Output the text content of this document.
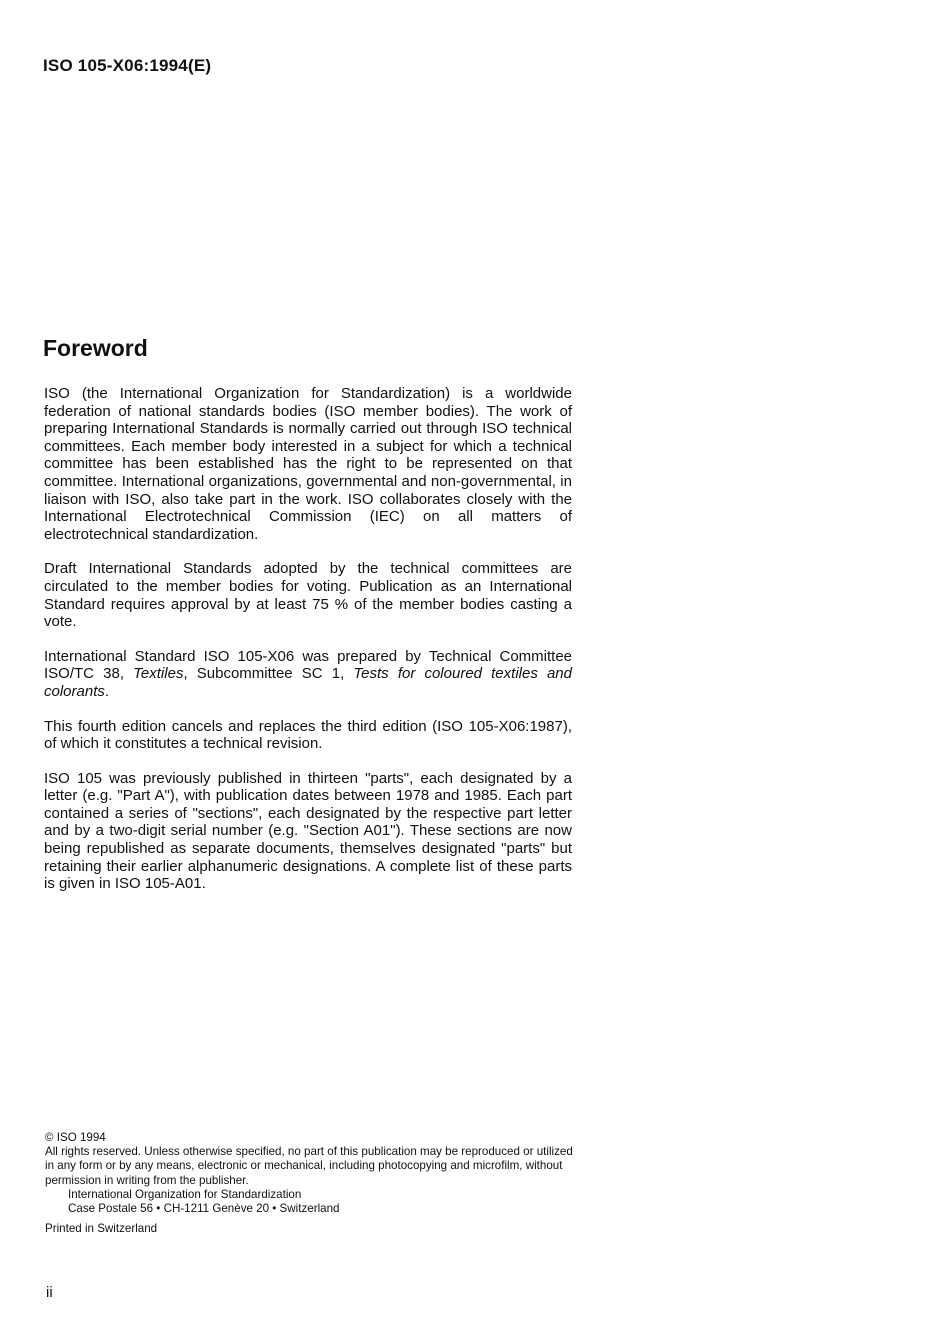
ISO 105-X06:1994(E)
Foreword

ISO (the International Organization for Standardization) is a worldwide federation of national standards bodies (ISO member bodies). The work of preparing International Standards is normally carried out through ISO technical committees. Each member body interested in a subject for which a technical committee has been established has the right to be represented on that committee. International organizations, governmental and non-governmental, in liaison with ISO, also take part in the work. ISO collaborates closely with the International Electrotechnical Commission (IEC) on all matters of electrotechnical standardization.

Draft International Standards adopted by the technical committees are circulated to the member bodies for voting. Publication as an International Standard requires approval by at least 75 % of the member bodies casting a vote.

International Standard ISO 105-X06 was prepared by Technical Committee ISO/TC 38, Textiles, Subcommittee SC 1, Tests for coloured textiles and colorants.

This fourth edition cancels and replaces the third edition (ISO 105-X06:1987), of which it constitutes a technical revision.

ISO 105 was previously published in thirteen "parts", each designated by a letter (e.g. "Part A"), with publication dates between 1978 and 1985. Each part contained a series of "sections", each designated by the respective part letter and by a two-digit serial number (e.g. "Section A01"). These sections are now being republished as separate documents, themselves designated "parts" but retaining their earlier alphanumeric designations. A complete list of these parts is given in ISO 105-A01.

© ISO 1994
All rights reserved. Unless otherwise specified, no part of this publication may be reproduced or utilized in any form or by any means, electronic or mechanical, including photocopying and microfilm, without permission in writing from the publisher.
International Organization for Standardization
Case Postale 56 • CH-1211 Genève 20 • Switzerland
Printed in Switzerland
ii
